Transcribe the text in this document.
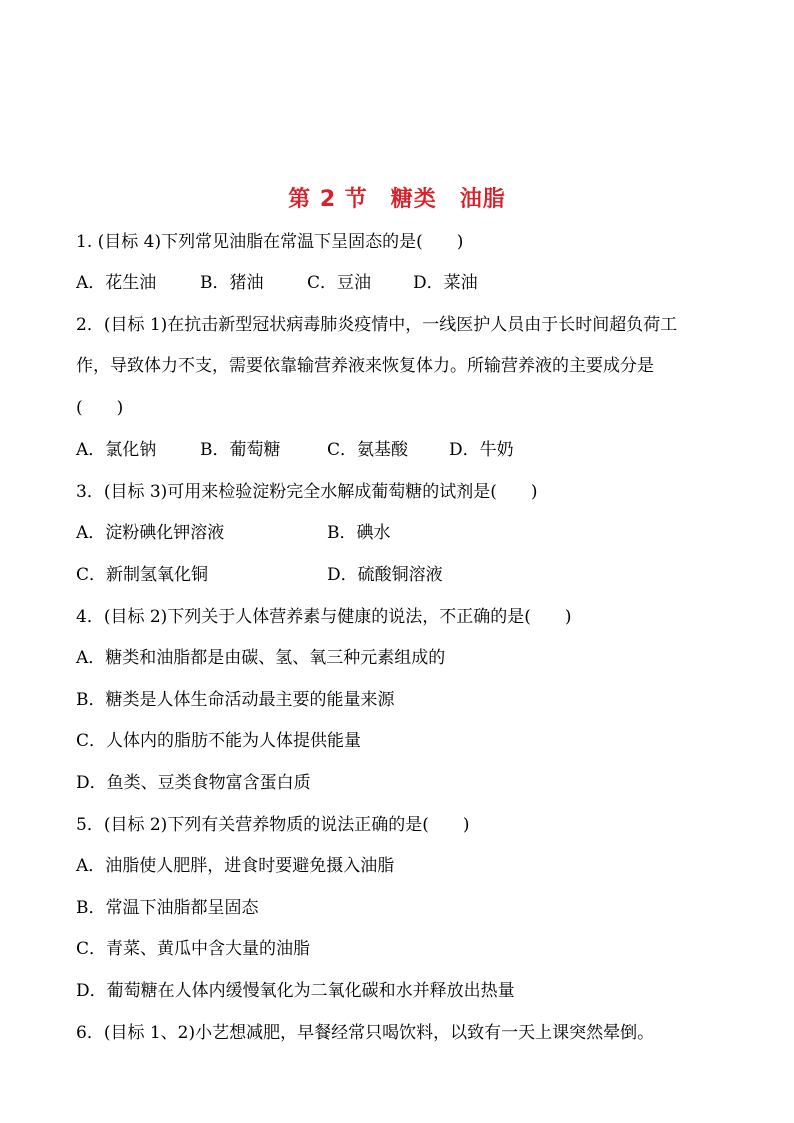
第 2 节　糖类　油脂
1. (目标 4)下列常见油脂在常温下呈固态的是(　　)
A．花生油	B．猪油	C．豆油 D．菜油
2．(目标 1)在抗击新型冠状病毒肺炎疫情中，一线医护人员由于长时间超负荷工
作，导致体力不支，需要依靠输营养液来恢复体力。所输营养液的主要成分是
(　　)
A．氯化钠	B．葡萄糖	C．氨基酸 D．牛奶
3．(目标 3)可用来检验淀粉完全水解成葡萄糖的试剂是(　　)
A．淀粉碘化钾溶液	B．碘水
C．新制氢氧化铜	D．硫酸铜溶液
4．(目标 2)下列关于人体营养素与健康的说法，不正确的是(　　)
A．糖类和油脂都是由碳、氢、氧三种元素组成的
B．糖类是人体生命活动最主要的能量来源
C．人体内的脂肪不能为人体提供能量
D．鱼类、豆类食物富含蛋白质
5．(目标 2)下列有关营养物质的说法正确的是(　　)
A．油脂使人肥胖，进食时要避免摄入油脂
B．常温下油脂都呈固态
C．青菜、黄瓜中含大量的油脂
D．葡萄糖在人体内缓慢氧化为二氧化碳和水并释放出热量
6．(目标 1、2)小艺想减肥，早餐经常只喝饮料，以致有一天上课突然晕倒。
